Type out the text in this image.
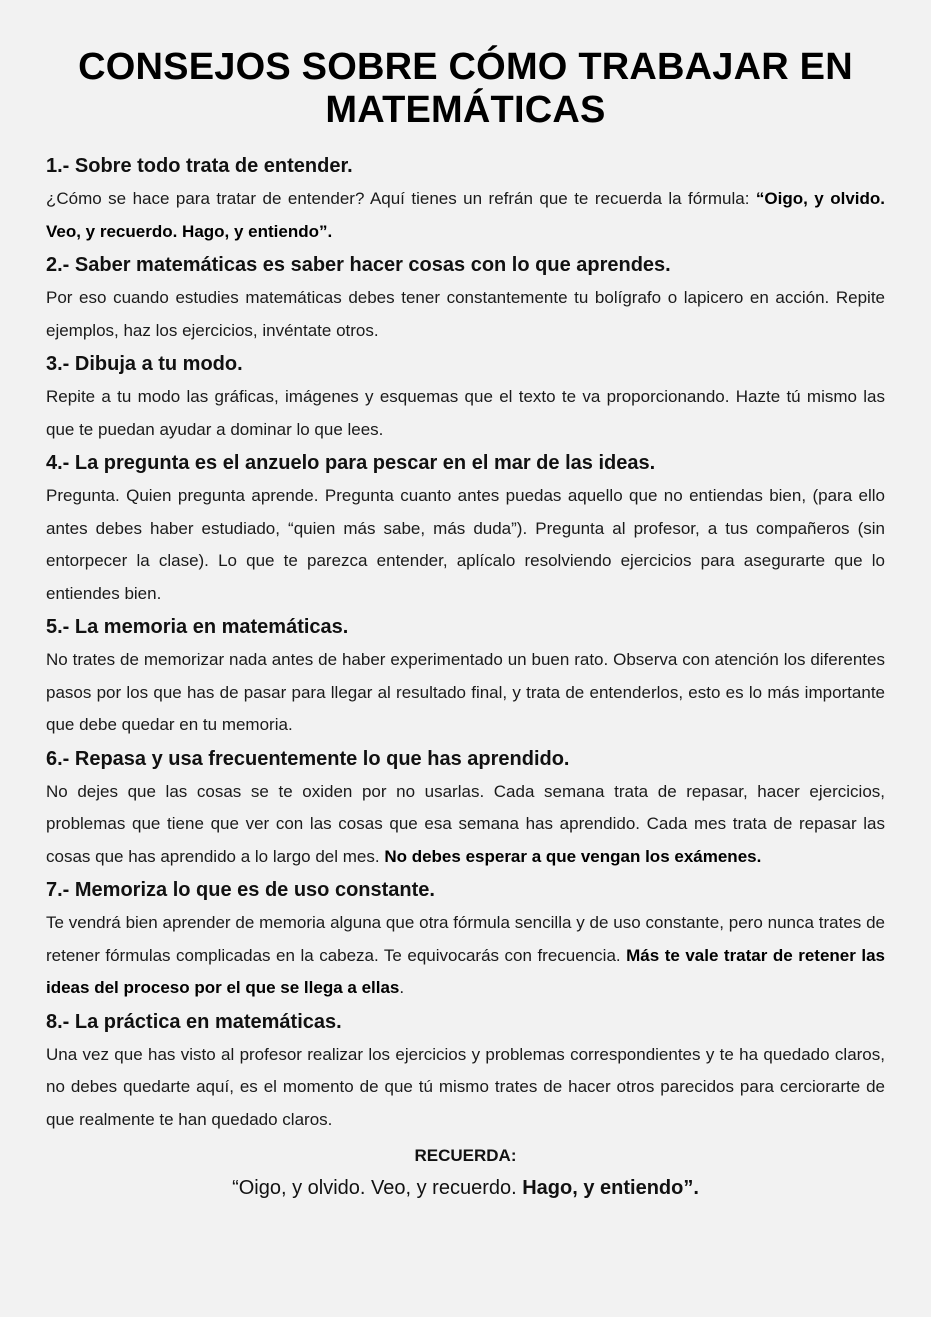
CONSEJOS SOBRE CÓMO TRABAJAR EN
MATEMÁTICAS
1.- Sobre todo trata de entender.

¿Cómo se hace para tratar de entender? Aquí tienes un refrán que te recuerda la fórmula: “Oigo, y olvido. Veo, y recuerdo. Hago, y entiendo”.

2.- Saber matemáticas es saber hacer cosas con lo que aprendes.

Por eso cuando estudies matemáticas debes tener constantemente tu bolígrafo o lapicero en acción. Repite ejemplos, haz los ejercicios, invéntate otros.

3.- Dibuja a tu modo.

Repite a tu modo las gráficas, imágenes y esquemas que el texto te va proporcionando. Hazte tú mismo las que te puedan ayudar a dominar lo que lees.

4.- La pregunta es el anzuelo para pescar en el mar de las ideas.

Pregunta. Quien pregunta aprende. Pregunta cuanto antes puedas aquello que no entiendas bien, (para ello antes debes haber estudiado, “quien más sabe, más duda”). Pregunta al profesor, a tus compañeros (sin entorpecer la clase). Lo que te parezca entender, aplícalo resolviendo ejercicios para asegurarte que lo entiendes bien.

5.- La memoria en matemáticas.

No trates de memorizar nada antes de haber experimentado un buen rato. Observa con atención los diferentes pasos por los que has de pasar para llegar al resultado final, y trata de entenderlos, esto es lo más importante que debe quedar en tu memoria.

6.- Repasa y usa frecuentemente lo que has aprendido.

No dejes que las cosas se te oxiden por no usarlas. Cada semana trata de repasar, hacer ejercicios, problemas que tiene que ver con las cosas que esa semana has aprendido. Cada mes trata de repasar las cosas que has aprendido a lo largo del mes. No debes esperar a que vengan los exámenes.

7.- Memoriza lo que es de uso constante.

Te vendrá bien aprender de memoria alguna que otra fórmula sencilla y de uso constante, pero nunca trates de retener fórmulas complicadas en la cabeza. Te equivocarás con frecuencia. Más te vale tratar de retener las ideas del proceso por el que se llega a ellas.

8.- La práctica en matemáticas.

Una vez que has visto al profesor realizar los ejercicios y problemas correspondientes y te ha quedado claros, no debes quedarte aquí, es el momento de que tú mismo trates de hacer otros parecidos para cerciorarte de que realmente te han quedado claros.

RECUERDA:

“Oigo, y olvido. Veo, y recuerdo. Hago, y entiendo”.
